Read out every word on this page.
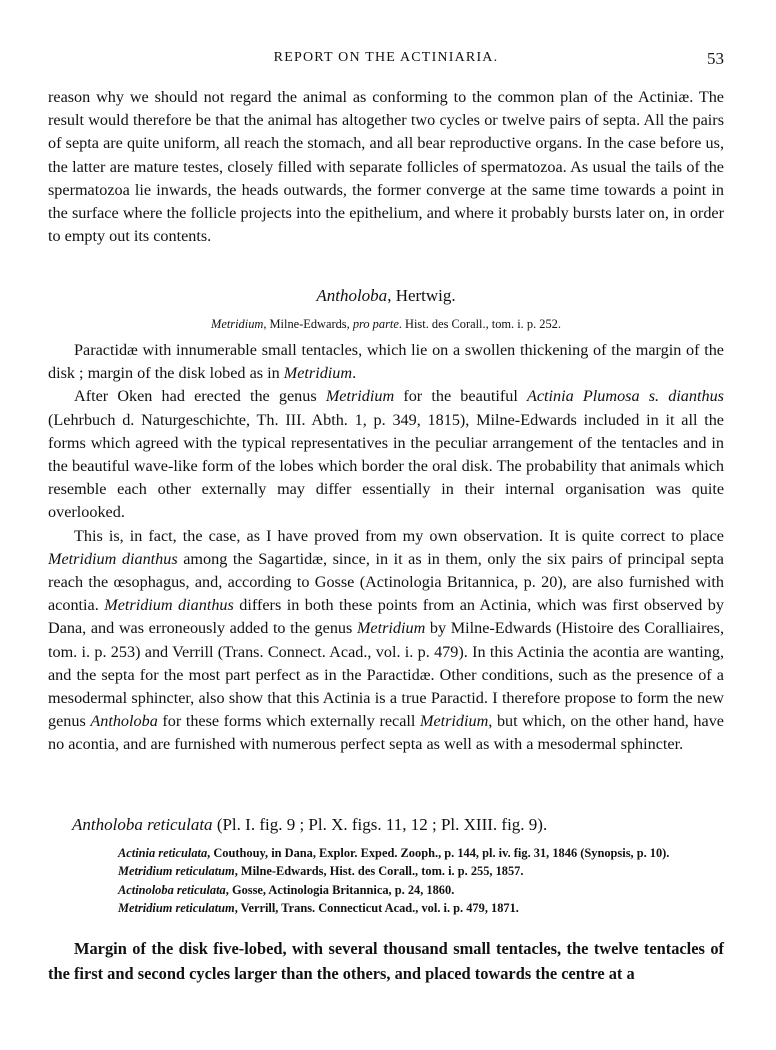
REPORT ON THE ACTINIARIA.	53

reason why we should not regard the animal as conforming to the common plan of the Actiniæ. The result would therefore be that the animal has altogether two cycles or twelve pairs of septa. All the pairs of septa are quite uniform, all reach the stomach, and all bear reproductive organs. In the case before us, the latter are mature testes, closely filled with separate follicles of spermatozoa. As usual the tails of the spermatozoa lie inwards, the heads outwards, the former converge at the same time towards a point in the surface where the follicle projects into the epithelium, and where it probably bursts later on, in order to empty out its contents.

Antholoba, Hertwig.
Metridium, Milne-Edwards, pro parte. Hist. des Corall., tom. i. p. 252.

Paractidæ with innumerable small tentacles, which lie on a swollen thickening of the margin of the disk ; margin of the disk lobed as in Metridium.

After Oken had erected the genus Metridium for the beautiful Actinia Plumosa s. dianthus (Lehrbuch d. Naturgeschichte, Th. III. Abth. 1, p. 349, 1815), Milne-Edwards included in it all the forms which agreed with the typical representatives in the peculiar arrangement of the tentacles and in the beautiful wave-like form of the lobes which border the oral disk. The probability that animals which resemble each other externally may differ essentially in their internal organisation was quite overlooked.

This is, in fact, the case, as I have proved from my own observation. It is quite correct to place Metridium dianthus among the Sagartidæ, since, in it as in them, only the six pairs of principal septa reach the œsophagus, and, according to Gosse (Actinologia Britannica, p. 20), are also furnished with acontia. Metridium dianthus differs in both these points from an Actinia, which was first observed by Dana, and was erroneously added to the genus Metridium by Milne-Edwards (Histoire des Coralliaires, tom. i. p. 253) and Verrill (Trans. Connect. Acad., vol. i. p. 479). In this Actinia the acontia are wanting, and the septa for the most part perfect as in the Paractidæ. Other conditions, such as the presence of a mesodermal sphincter, also show that this Actinia is a true Paractid. I therefore propose to form the new genus Antholoba for these forms which externally recall Metridium, but which, on the other hand, have no acontia, and are furnished with numerous perfect septa as well as with a mesodermal sphincter.

Antholoba reticulata (Pl. I. fig. 9 ; Pl. X. figs. 11, 12 ; Pl. XIII. fig. 9).
Actinia reticulata, Couthouy, in Dana, Explor. Exped. Zooph., p. 144, pl. iv. fig. 31, 1846 (Synopsis, p. 10).
Metridium reticulatum, Milne-Edwards, Hist. des Corall., tom. i. p. 255, 1857.
Actinoloba reticulata, Gosse, Actinologia Britannica, p. 24, 1860.
Metridium reticulatum, Verrill, Trans. Connecticut Acad., vol. i. p. 479, 1871.

Margin of the disk five-lobed, with several thousand small tentacles, the twelve tentacles of the first and second cycles larger than the others, and placed towards the centre at a
